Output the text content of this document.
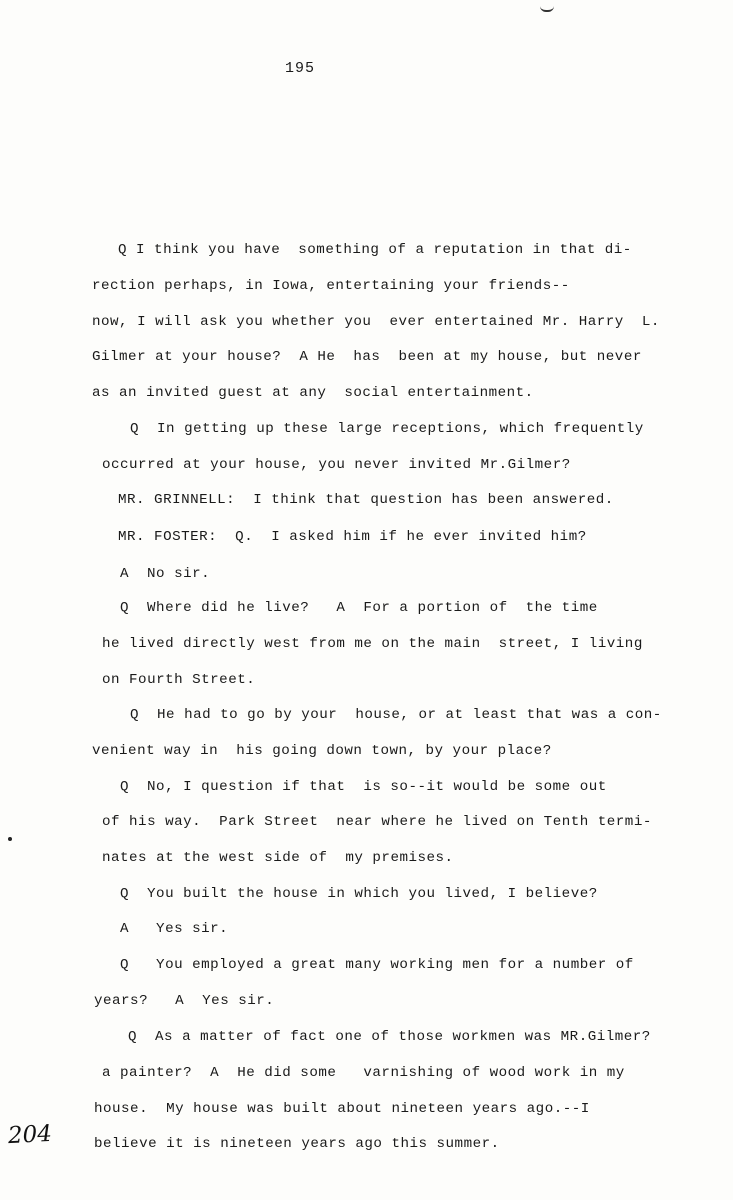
195
Q I think you have  something of a reputation in that di-
rection perhaps, in Iowa, entertaining your friends--
now, I will ask you whether you  ever entertained Mr. Harry  L.
Gilmer at your house?  A He  has  been at my house, but never
as an invited guest at any  social entertainment.
Q  In getting up these large receptions, which frequently
occurred at your house, you never invited Mr.Gilmer?
MR. GRINNELL:  I think that question has been answered.
MR. FOSTER:  Q.  I asked him if he ever invited him?
A  No sir.
Q  Where did he live?   A  For a portion of  the time
he lived directly west from me on the main  street, I living
on Fourth Street.
Q  He had to go by your  house, or at least that was a con-
venient way in  his going down town, by your place?
Q  No, I question if that  is so--it would be some out
of his way.  Park Street  near where he lived on Tenth termi-
nates at the west side of  my premises.
Q  You built the house in which you lived, I believe?
A   Yes sir.
Q   You employed a great many working men for a number of
years?   A  Yes sir.
Q  As a matter of fact one of those workmen was MR.Gilmer?
a painter?  A  He did some   varnishing of wood work in my
house.  My house was built about nineteen years ago.--I
believe it is nineteen years ago this summer.
204
